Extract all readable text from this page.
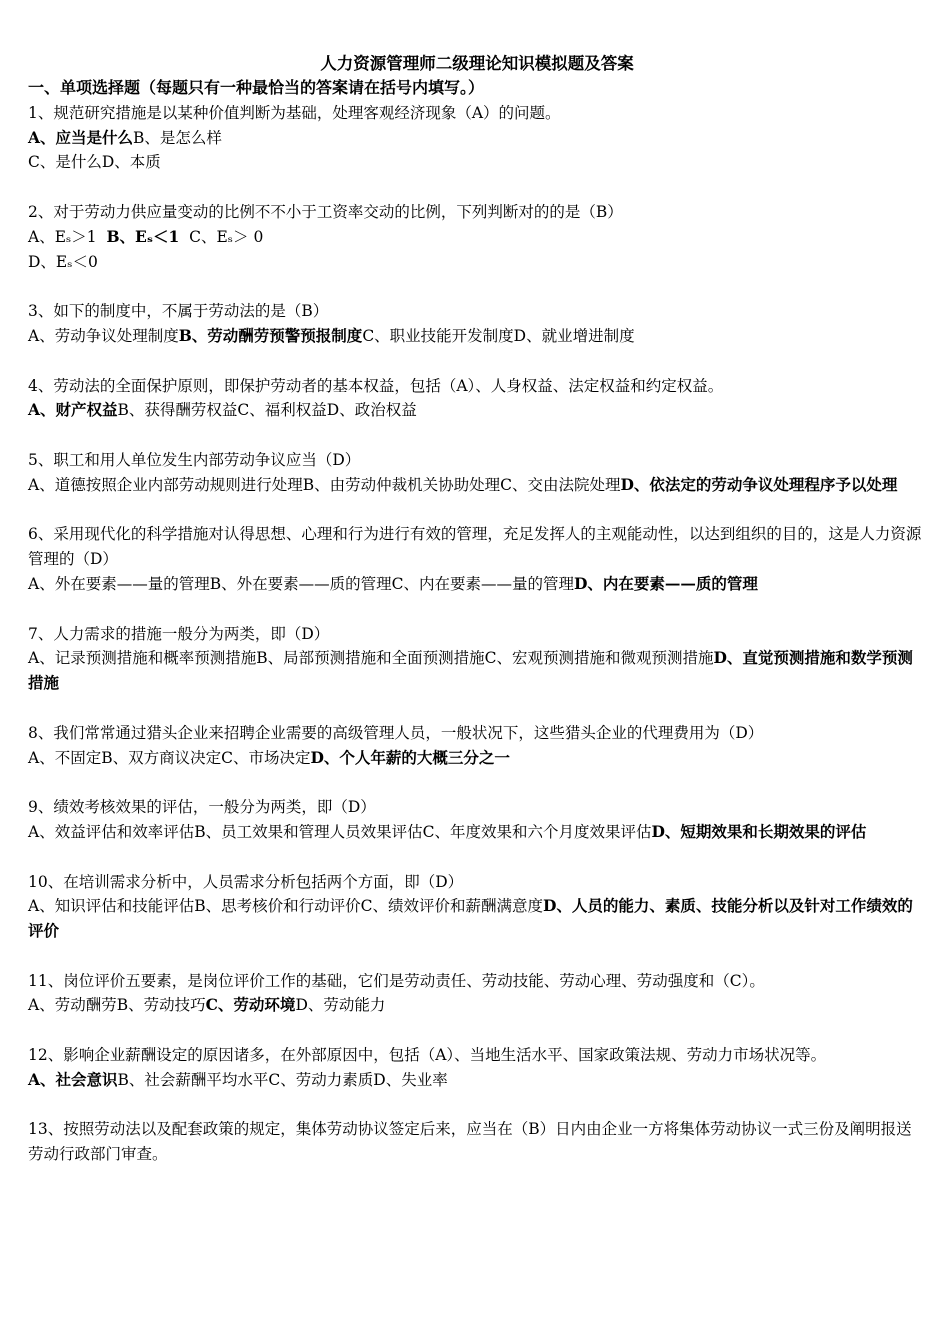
人力资源管理师二级理论知识模拟题及答案
一、单项选择题（每题只有一种最恰当的答案请在括号内填写。）
1、规范研究措施是以某种价值判断为基础，处理客观经济现象（A）的问题。
A、应当是什么B、是怎么样
C、是什么D、本质
2、对于劳动力供应量变动的比例不不小于工资率交动的比例，下列判断对的的是（B）
A、Eₛ＞1  B、Eₛ＜1  C、Eₛ＞ 0
D、Eₛ＜0
3、如下的制度中，不属于劳动法的是（B）
A、劳动争议处理制度B、劳动酬劳预警预报制度C、职业技能开发制度D、就业增进制度
4、劳动法的全面保护原则，即保护劳动者的基本权益，包括（A）、人身权益、法定权益和约定权益。
A、财产权益B、获得酬劳权益C、福利权益D、政治权益
5、职工和用人单位发生内部劳动争议应当（D）
A、道德按照企业内部劳动规则进行处理B、由劳动仲裁机关协助处理C、交由法院处理D、依法定的劳动争议处理程序予以处理
6、采用现代化的科学措施对认得思想、心理和行为进行有效的管理，充足发挥人的主观能动性，以达到组织的目的，这是人力资源管理的（D）
A、外在要素——量的管理B、外在要素——质的管理C、内在要素——量的管理D、内在要素——质的管理
7、人力需求的措施一般分为两类，即（D）
A、记录预测措施和概率预测措施B、局部预测措施和全面预测措施C、宏观预测措施和微观预测措施D、直觉预测措施和数学预测措施
8、我们常常通过猎头企业来招聘企业需要的高级管理人员，一般状况下，这些猎头企业的代理费用为（D）
A、不固定B、双方商议决定C、市场决定D、个人年薪的大概三分之一
9、绩效考核效果的评估，一般分为两类，即（D）
A、效益评估和效率评估B、员工效果和管理人员效果评估C、年度效果和六个月度效果评估D、短期效果和长期效果的评估
10、在培训需求分析中，人员需求分析包括两个方面，即（D）
A、知识评估和技能评估B、思考核价和行动评价C、绩效评价和薪酬满意度D、人员的能力、素质、技能分析以及针对工作绩效的评价
11、岗位评价五要素，是岗位评价工作的基础，它们是劳动责任、劳动技能、劳动心理、劳动强度和（C）。
A、劳动酬劳B、劳动技巧C、劳动环境D、劳动能力
12、影响企业薪酬设定的原因诸多，在外部原因中，包括（A）、当地生活水平、国家政策法规、劳动力市场状况等。
A、社会意识B、社会薪酬平均水平C、劳动力素质D、失业率
13、按照劳动法以及配套政策的规定，集体劳动协议签定后来，应当在（B）日内由企业一方将集体劳动协议一式三份及阐明报送劳动行政部门审查。
